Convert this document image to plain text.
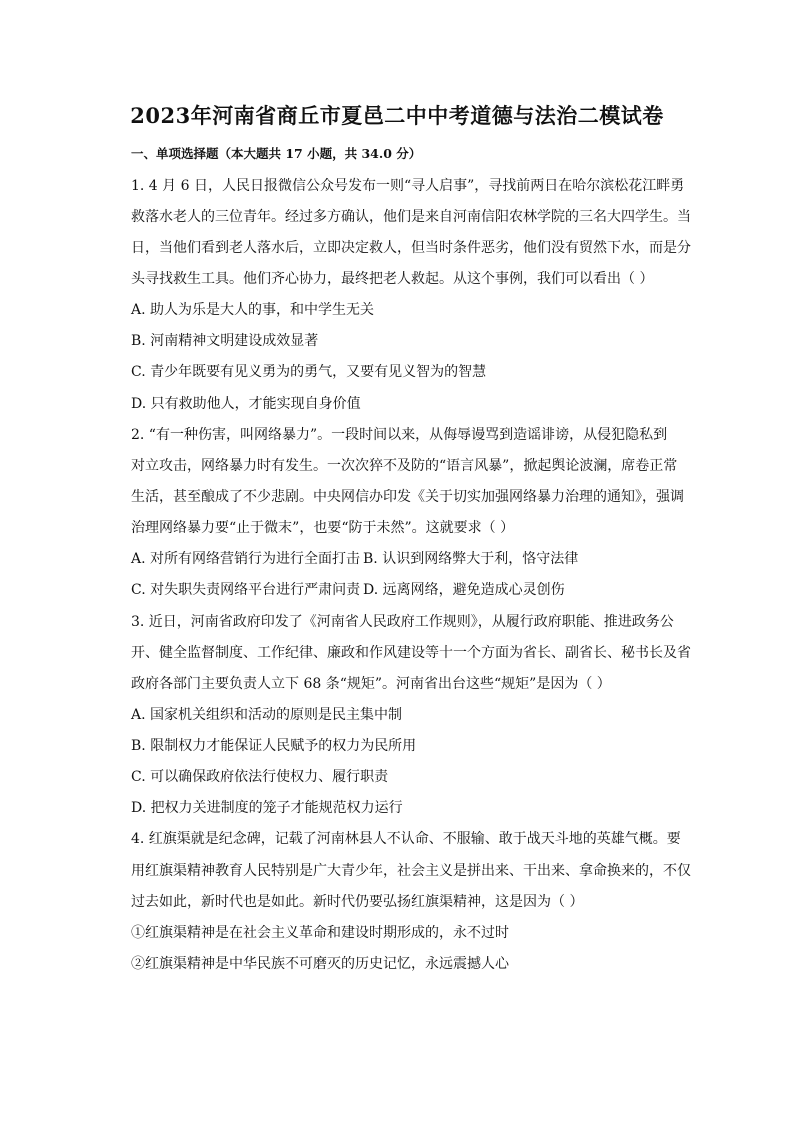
2023年河南省商丘市夏邑二中中考道德与法治二模试卷
一、单项选择题（本大题共 17 小题，共 34.0 分）
1. 4 月 6 日，人民日报微信公众号发布一则“寻人启事”，寻找前两日在哈尔滨松花江畔勇
救落水老人的三位青年。经过多方确认，他们是来自河南信阳农林学院的三名大四学生。当
日，当他们看到老人落水后，立即决定救人，但当时条件恶劣，他们没有贸然下水，而是分
头寻找救生工具。他们齐心协力，最终把老人救起。从这个事例，我们可以看出（ ）
A. 助人为乐是大人的事，和中学生无关
B. 河南精神文明建设成效显著
C. 青少年既要有见义勇为的勇气，又要有见义智为的智慧
D. 只有救助他人，才能实现自身价值
2. “有一种伤害，叫网络暴力”。一段时间以来，从侮辱谩骂到造谣诽谤，从侵犯隐私到
对立攻击，网络暴力时有发生。一次次猝不及防的“语言风暴”，掀起舆论波澜，席卷正常
生活，甚至酿成了不少悲剧。中央网信办印发《关于切实加强网络暴力治理的通知》，强调
治理网络暴力要“止于微末”，也要“防于未然”。这就要求（ ）
A. 对所有网络营销行为进行全面打击 B. 认识到网络弊大于利，恪守法律
C. 对失职失责网络平台进行严肃问责 D. 远离网络，避免造成心灵创伤
3. 近日，河南省政府印发了《河南省人民政府工作规则》，从履行政府职能、推进政务公
开、健全监督制度、工作纪律、廉政和作风建设等十一个方面为省长、副省长、秘书长及省
政府各部门主要负责人立下 68 条“规矩”。河南省出台这些“规矩”是因为（ ）
A. 国家机关组织和活动的原则是民主集中制
B. 限制权力才能保证人民赋予的权力为民所用
C. 可以确保政府依法行使权力、履行职责
D. 把权力关进制度的笼子才能规范权力运行
4. 红旗渠就是纪念碑，记载了河南林县人不认命、不服输、敢于战天斗地的英雄气概。要
用红旗渠精神教育人民特别是广大青少年，社会主义是拼出来、干出来、拿命换来的，不仅
过去如此，新时代也是如此。新时代仍要弘扬红旗渠精神，这是因为（ ）
①红旗渠精神是在社会主义革命和建设时期形成的，永不过时
②红旗渠精神是中华民族不可磨灭的历史记忆，永远震撼人心
